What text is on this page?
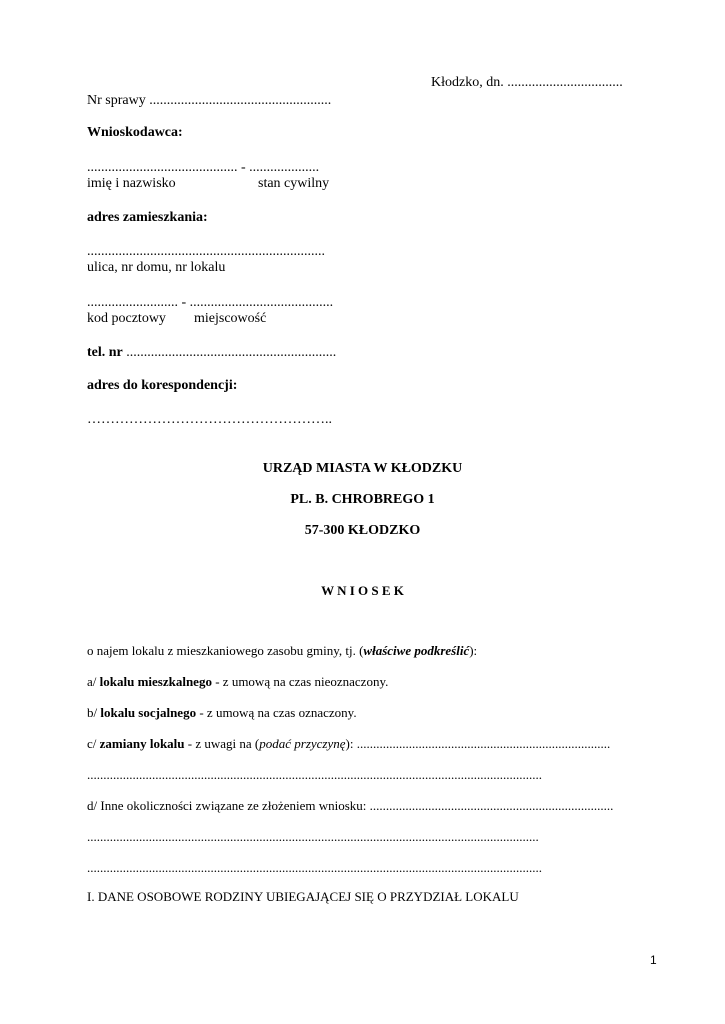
Kłodzko, dn. .................................
Nr sprawy ....................................................
Wnioskodawca:
........................................... - ....................
imię i nazwisko	stan cywilny
adres zamieszkania:
....................................................................
ulica, nr domu, nr lokalu
.......................... - .........................................
kod pocztowy miejscowość
tel. nr ............................................................
adres do korespondencji:
……………………………………………..
URZĄD MIASTA W KŁODZKU
PL. B. CHROBREGO 1
57-300 KŁODZKO
W N I O S E K
o najem lokalu z mieszkaniowego zasobu gminy, tj. (właściwe podkreślić):
a/ lokalu mieszkalnego - z umową na czas nieoznaczony.
b/ lokalu socjalnego - z umową na czas oznaczony.
c/ zamiany lokalu - z uwagi na (podać przyczynę): ..............................................................................
............................................................................................................................................
d/ Inne okoliczności związane ze złożeniem wniosku: ...........................................................................
...........................................................................................................................................
............................................................................................................................................
I. DANE OSOBOWE RODZINY UBIEGAJĄCEJ SIĘ O PRZYDZIAŁ LOKALU
1
